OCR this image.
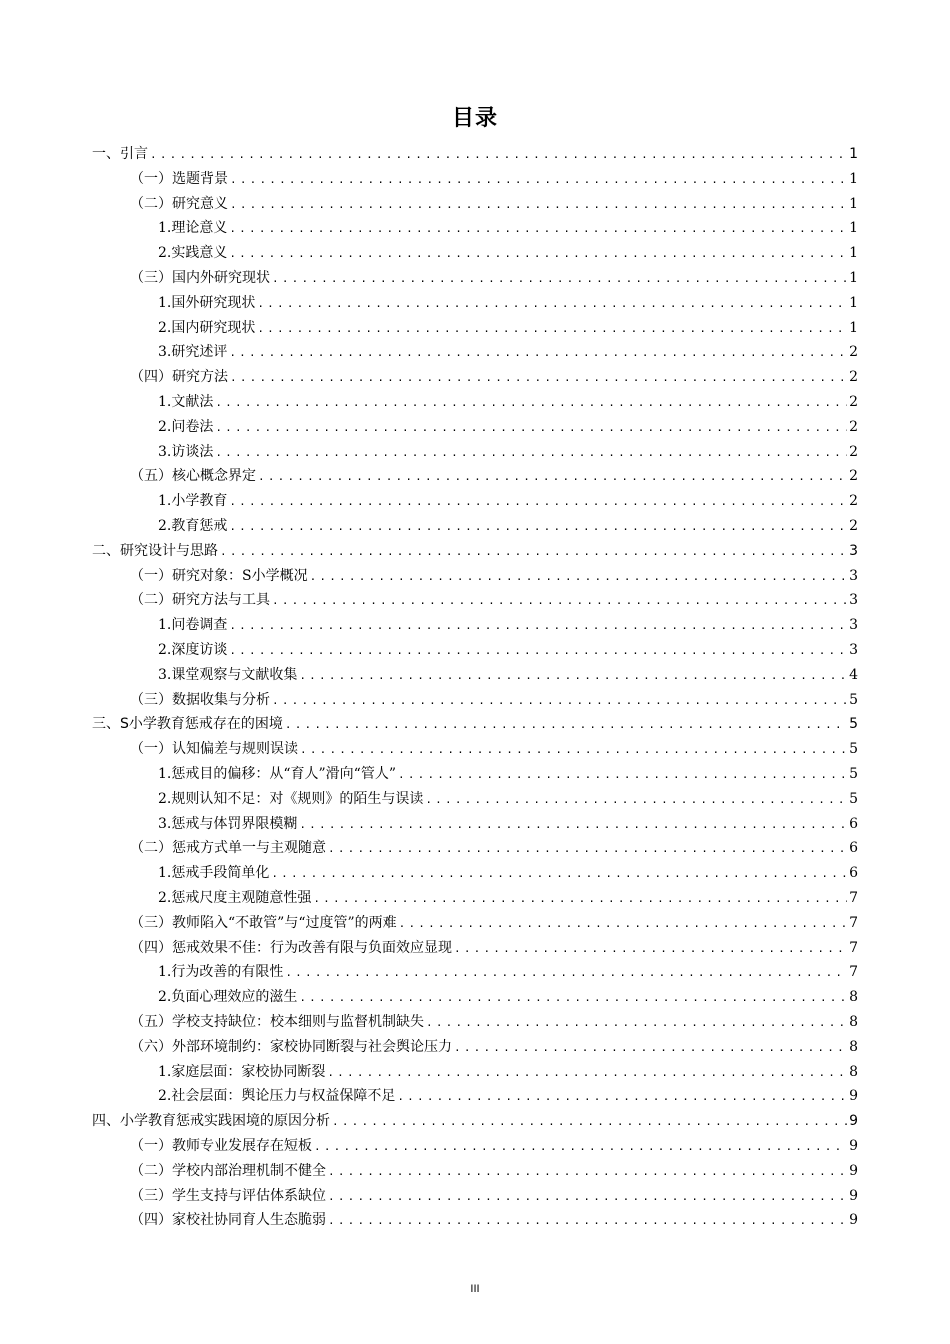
目录
一、引言 .....	1
（一）选题背景 .....	1
（二）研究意义 .....	1
1.理论意义 .....	1
2.实践意义 .....	1
（三）国内外研究现状 .....	1
1.国外研究现状 .....	1
2.国内研究现状 .....	1
3.研究述评 .....	2
（四）研究方法 .....	2
1.文献法 .....	2
2.问卷法 .....	2
3.访谈法 .....	2
（五）核心概念界定 .....	2
1.小学教育 .....	2
2.教育惩戒 .....	2
二、研究设计与思路 .....	3
（一）研究对象：S小学概况 .....	3
（二）研究方法与工具 .....	3
1.问卷调查 .....	3
2.深度访谈 .....	3
3.课堂观察与文献收集 .....	4
（三）数据收集与分析 .....	5
三、S小学教育惩戒存在的困境 .....	5
（一）认知偏差与规则误读 .....	5
1.惩戒目的偏移：从“育人”滑向“管人” .....	5
2.规则认知不足：对《规则》的陌生与误读 .....	5
3.惩戒与体罚界限模糊 .....	6
（二）惩戒方式单一与主观随意 .....	6
1.惩戒手段简单化 .....	6
2.惩戒尺度主观随意性强 .....	7
（三）教师陷入“不敢管”与“过度管”的两难 .....	7
（四）惩戒效果不佳：行为改善有限与负面效应显现 .....	7
1.行为改善的有限性 .....	7
2.负面心理效应的滋生 .....	8
（五）学校支持缺位：校本细则与监督机制缺失 .....	8
（六）外部环境制约：家校协同断裂与社会舆论压力 .....	8
1.家庭层面：家校协同断裂 .....	8
2.社会层面：舆论压力与权益保障不足 .....	9
四、小学教育惩戒实践困境的原因分析 .....	9
（一）教师专业发展存在短板 .....	9
（二）学校内部治理机制不健全 .....	9
（三）学生支持与评估体系缺位 .....	9
（四）家校社协同育人生态脆弱 .....	9
III
